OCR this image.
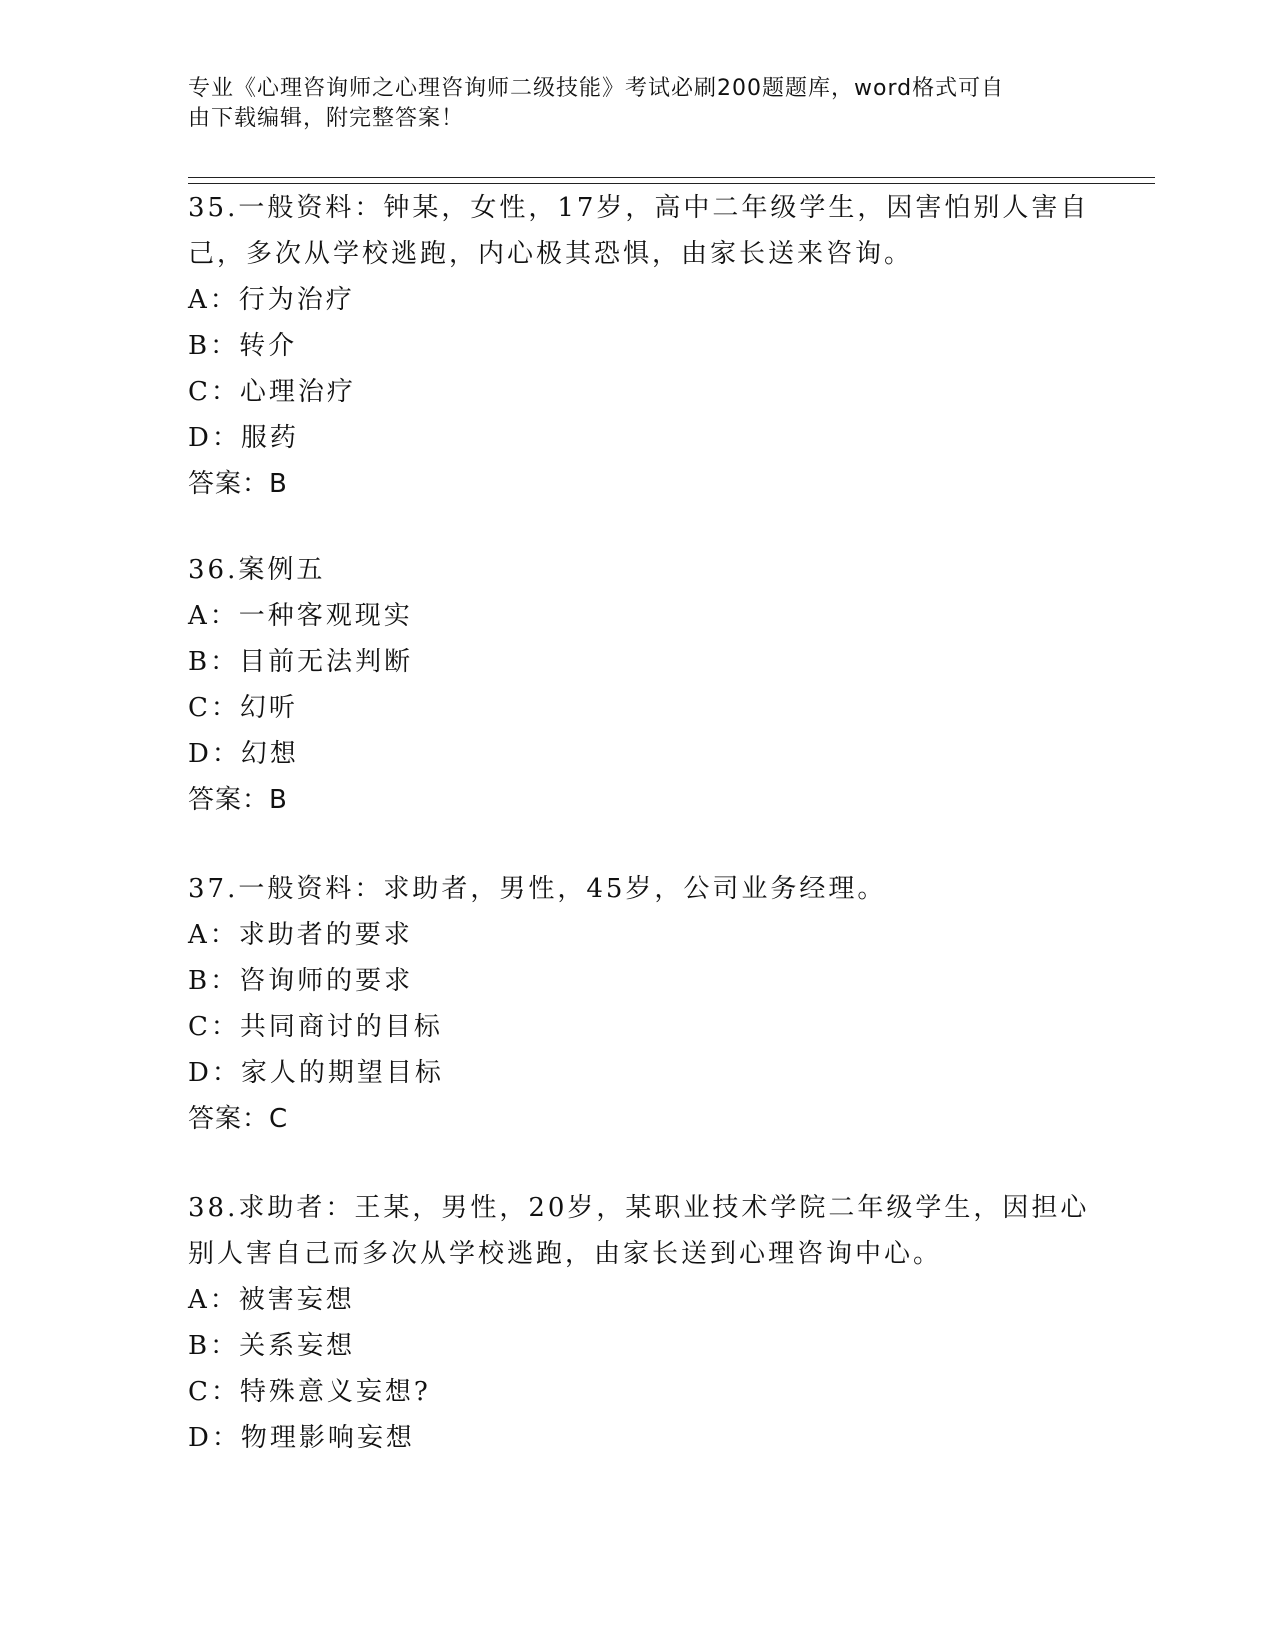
专业《心理咨询师之心理咨询师二级技能》考试必刷200题题库，word格式可自
由下载编辑，附完整答案！
35.一般资料：钟某，女性，17岁，高中二年级学生，因害怕别人害自
己，多次从学校逃跑，内心极其恐惧，由家长送来咨询。
A：行为治疗
B：转介
C：心理治疗
D：服药
答案：B
36.案例五
A：一种客观现实
B：目前无法判断
C：幻听
D：幻想
答案：B
37.一般资料：求助者，男性，45岁，公司业务经理。
A：求助者的要求
B：咨询师的要求
C：共同商讨的目标
D：家人的期望目标
答案：C
38.求助者：王某，男性，20岁，某职业技术学院二年级学生，因担心
别人害自己而多次从学校逃跑，由家长送到心理咨询中心。
A：被害妄想
B：关系妄想
C：特殊意义妄想?
D：物理影响妄想
